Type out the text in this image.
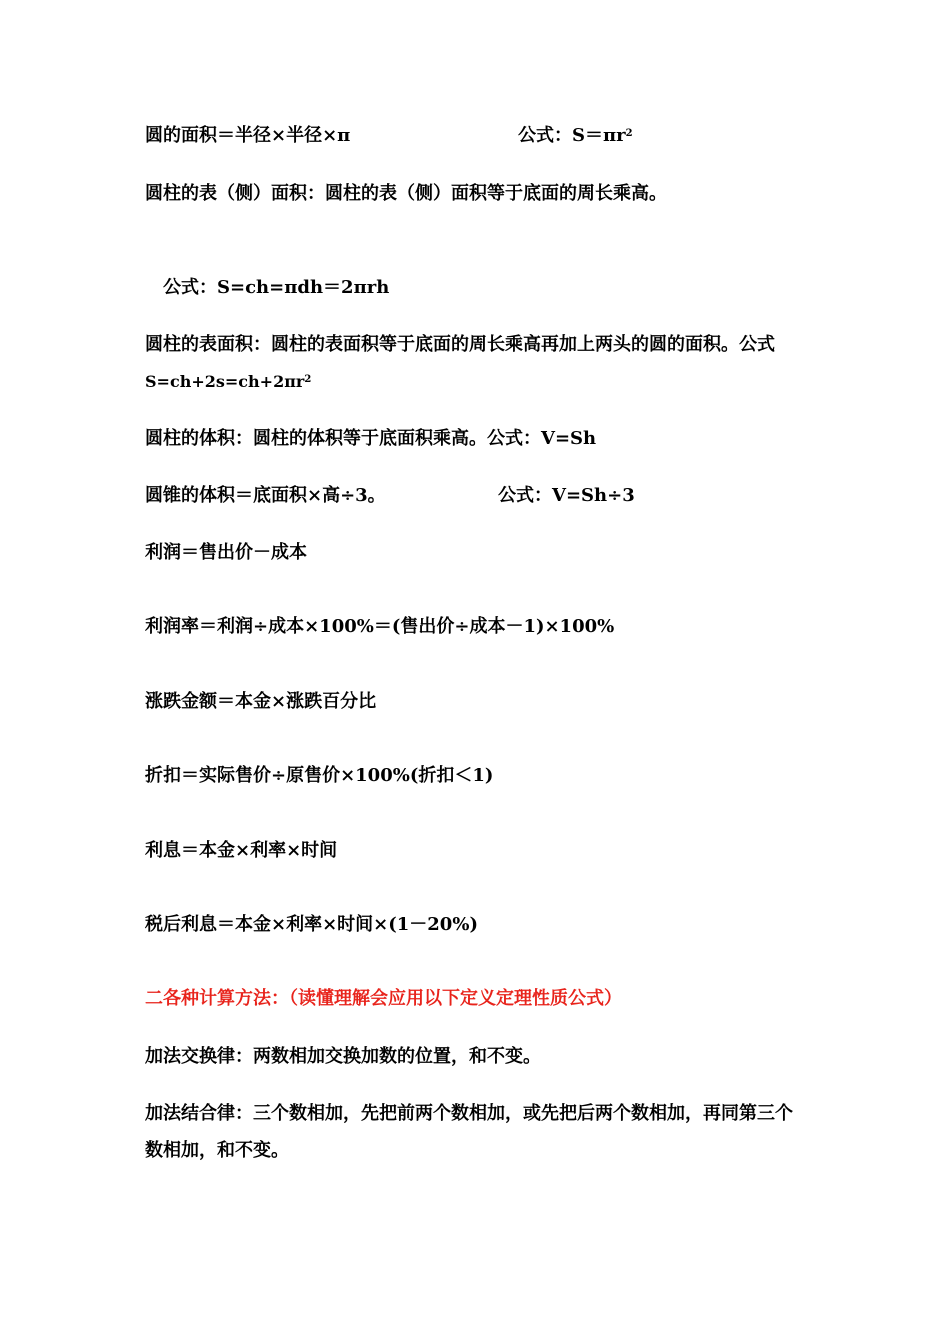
圆的面积＝半径×半径×π	公式：$S=\pi r^2$
圆柱的表（侧）面积：圆柱的表（侧）面积等于底面的周长乘高。
公式：S=ch=πdh＝2πrh
圆柱的表面积：圆柱的表面积等于底面的周长乘高再加上两头的圆的面积。公式
$S=ch+2s=ch+2\pi r^2$
圆柱的体积：圆柱的体积等于底面积乘高。公式：V=Sh
圆锥的体积＝底面积×高÷3。	公式：V=Sh÷3
利润＝售出价－成本
利润率＝利润÷成本×100%＝(售出价÷成本－1)×100%
涨跌金额＝本金×涨跌百分比
折扣＝实际售价÷原售价×100%(折扣＜1)
利息＝本金×利率×时间
税后利息＝本金×利率×时间×(1－20%)
二各种计算方法：（读懂理解会应用以下定义定理性质公式）
加法交换律：两数相加交换加数的位置，和不变。
加法结合律：三个数相加，先把前两个数相加，或先把后两个数相加，再同第三个
数相加，和不变。
